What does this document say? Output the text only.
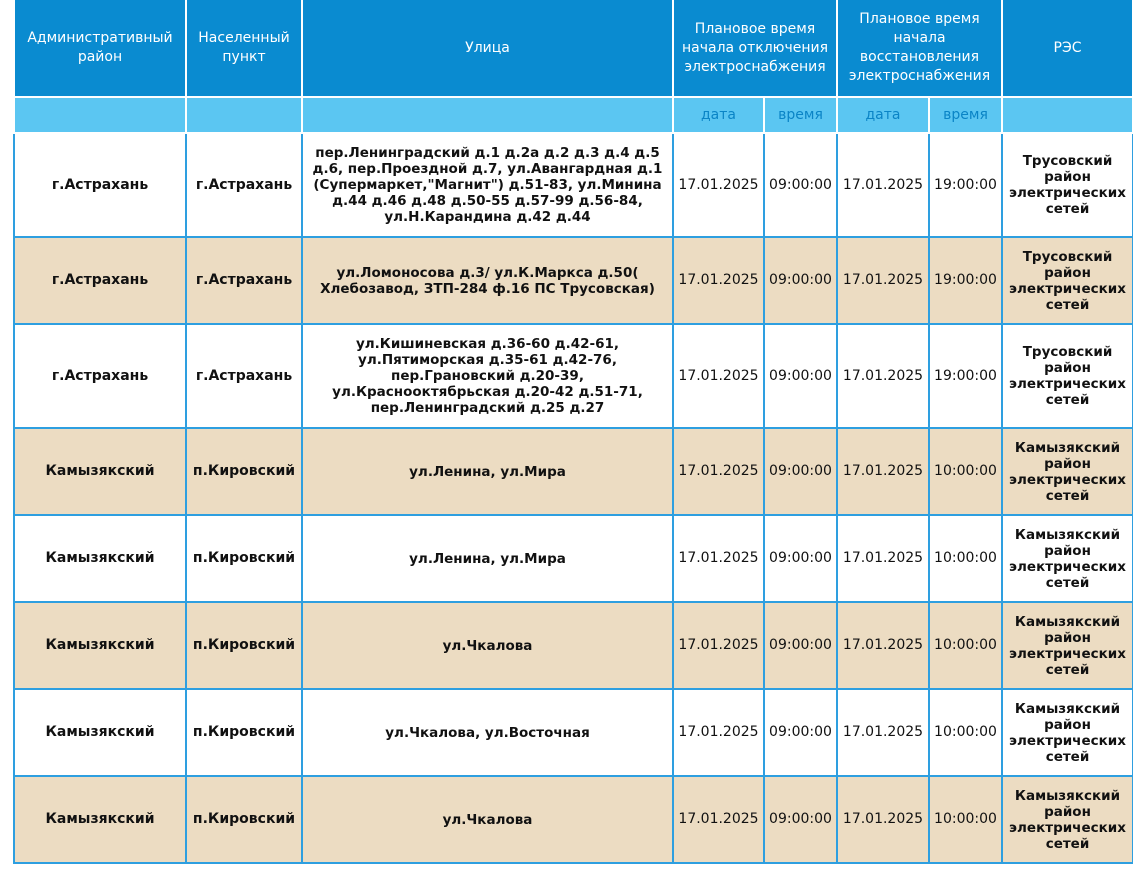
Административный район	Населенный пункт	Улица	Плановое время начала отключения электроснабжения		Плановое время начала восстановления электроснабжения		РЭС
			дата	время	дата	время	
г.Астрахань	г.Астрахань	пер.Ленинградский д.1 д.2а д.2 д.3 д.4 д.5 д.6, пер.Проездной д.7, ул.Авангардная д.1 (Супермаркет,"Магнит") д.51-83, ул.Минина д.44 д.46 д.48 д.50-55 д.57-99 д.56-84, ул.Н.Карандина д.42 д.44	17.01.2025	09:00:00	17.01.2025	19:00:00	Трусовский район электрических сетей
г.Астрахань	г.Астрахань	ул.Ломоносова д.3/ ул.К.Маркса д.50( Хлебозавод, ЗТП-284 ф.16 ПС Трусовская)	17.01.2025	09:00:00	17.01.2025	19:00:00	Трусовский район электрических сетей
г.Астрахань	г.Астрахань	ул.Кишиневская д.36-60 д.42-61, ул.Пятиморская д.35-61 д.42-76, пер.Грановский д.20-39, ул.Краснооктябрьская д.20-42 д.51-71, пер.Ленинградский д.25 д.27	17.01.2025	09:00:00	17.01.2025	19:00:00	Трусовский район электрических сетей
Камызякский	п.Кировский	ул.Ленина, ул.Мира	17.01.2025	09:00:00	17.01.2025	10:00:00	Камызякский район электрических сетей
Камызякский	п.Кировский	ул.Ленина, ул.Мира	17.01.2025	09:00:00	17.01.2025	10:00:00	Камызякский район электрических сетей
Камызякский	п.Кировский	ул.Чкалова	17.01.2025	09:00:00	17.01.2025	10:00:00	Камызякский район электрических сетей
Камызякский	п.Кировский	ул.Чкалова, ул.Восточная	17.01.2025	09:00:00	17.01.2025	10:00:00	Камызякский район электрических сетей
Камызякский	п.Кировский	ул.Чкалова	17.01.2025	09:00:00	17.01.2025	10:00:00	Камызякский район электрических сетей
